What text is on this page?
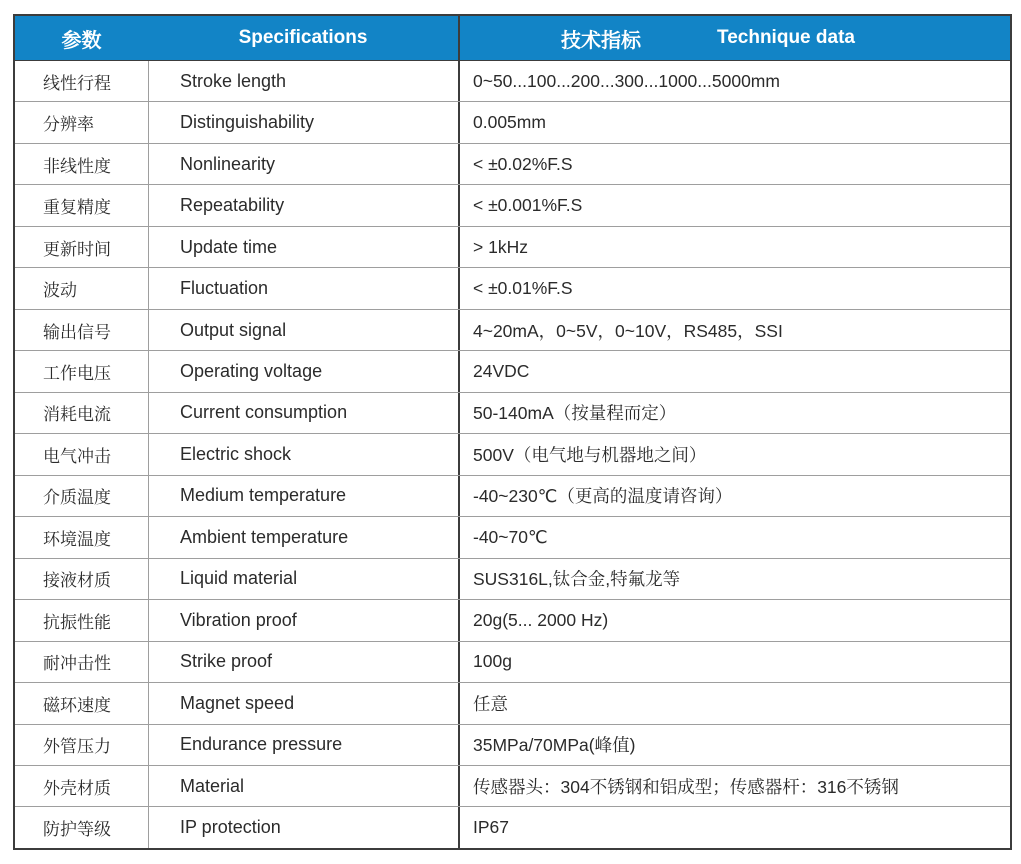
参数	Specifications	技术指标	Technique data
线性行程	Stroke length	0~50...100...200...300...1000...5000mm
分辨率	Distinguishability	0.005mm
非线性度	Nonlinearity	< ±0.02%F.S
重复精度	Repeatability	< ±0.001%F.S
更新时间	Update time	> 1kHz
波动	Fluctuation	< ±0.01%F.S
输出信号	Output signal	4~20mA，0~5V，0~10V，RS485，SSI
工作电压	Operating voltage	24VDC
消耗电流	Current consumption	50-140mA（按量程而定）
电气冲击	Electric shock	500V（电气地与机器地之间）
介质温度	Medium temperature	-40~230℃（更高的温度请咨询）
环境温度	Ambient temperature	-40~70℃
接液材质	Liquid material	SUS316L,钛合金,特氟龙等
抗振性能	Vibration proof	20g(5... 2000 Hz)
耐冲击性	Strike proof	100g
磁环速度	Magnet speed	任意
外管压力	Endurance pressure	35MPa/70MPa(峰值)
外壳材质	Material	传感器头：304不锈钢和铝成型；传感器杆：316不锈钢
防护等级	IP protection	IP67
